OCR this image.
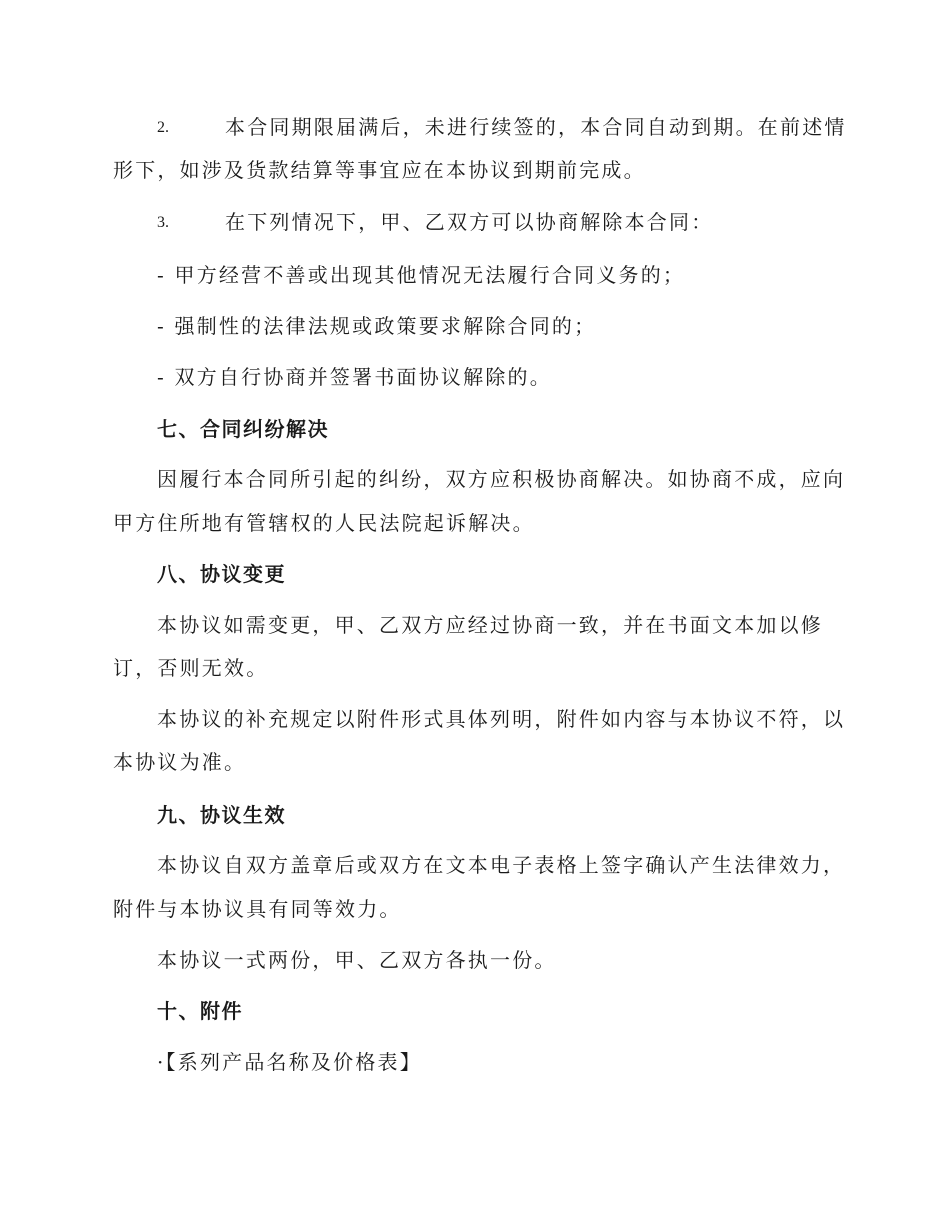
2.	本合同期限届满后，未进行续签的，本合同自动到期。在前述情
形下，如涉及货款结算等事宜应在本协议到期前完成。
3.	在下列情况下，甲、乙双方可以协商解除本合同：
- 甲方经营不善或出现其他情况无法履行合同义务的；
- 强制性的法律法规或政策要求解除合同的；
- 双方自行协商并签署书面协议解除的。
七、合同纠纷解决
因履行本合同所引起的纠纷，双方应积极协商解决。如协商不成，应向
甲方住所地有管辖权的人民法院起诉解决。
八、协议变更
本协议如需变更，甲、乙双方应经过协商一致，并在书面文本加以修
订，否则无效。
本协议的补充规定以附件形式具体列明，附件如内容与本协议不符，以
本协议为准。
九、协议生效
本协议自双方盖章后或双方在文本电子表格上签字确认产生法律效力，
附件与本协议具有同等效力。
本协议一式两份，甲、乙双方各执一份。
十、附件
·【系列产品名称及价格表】
